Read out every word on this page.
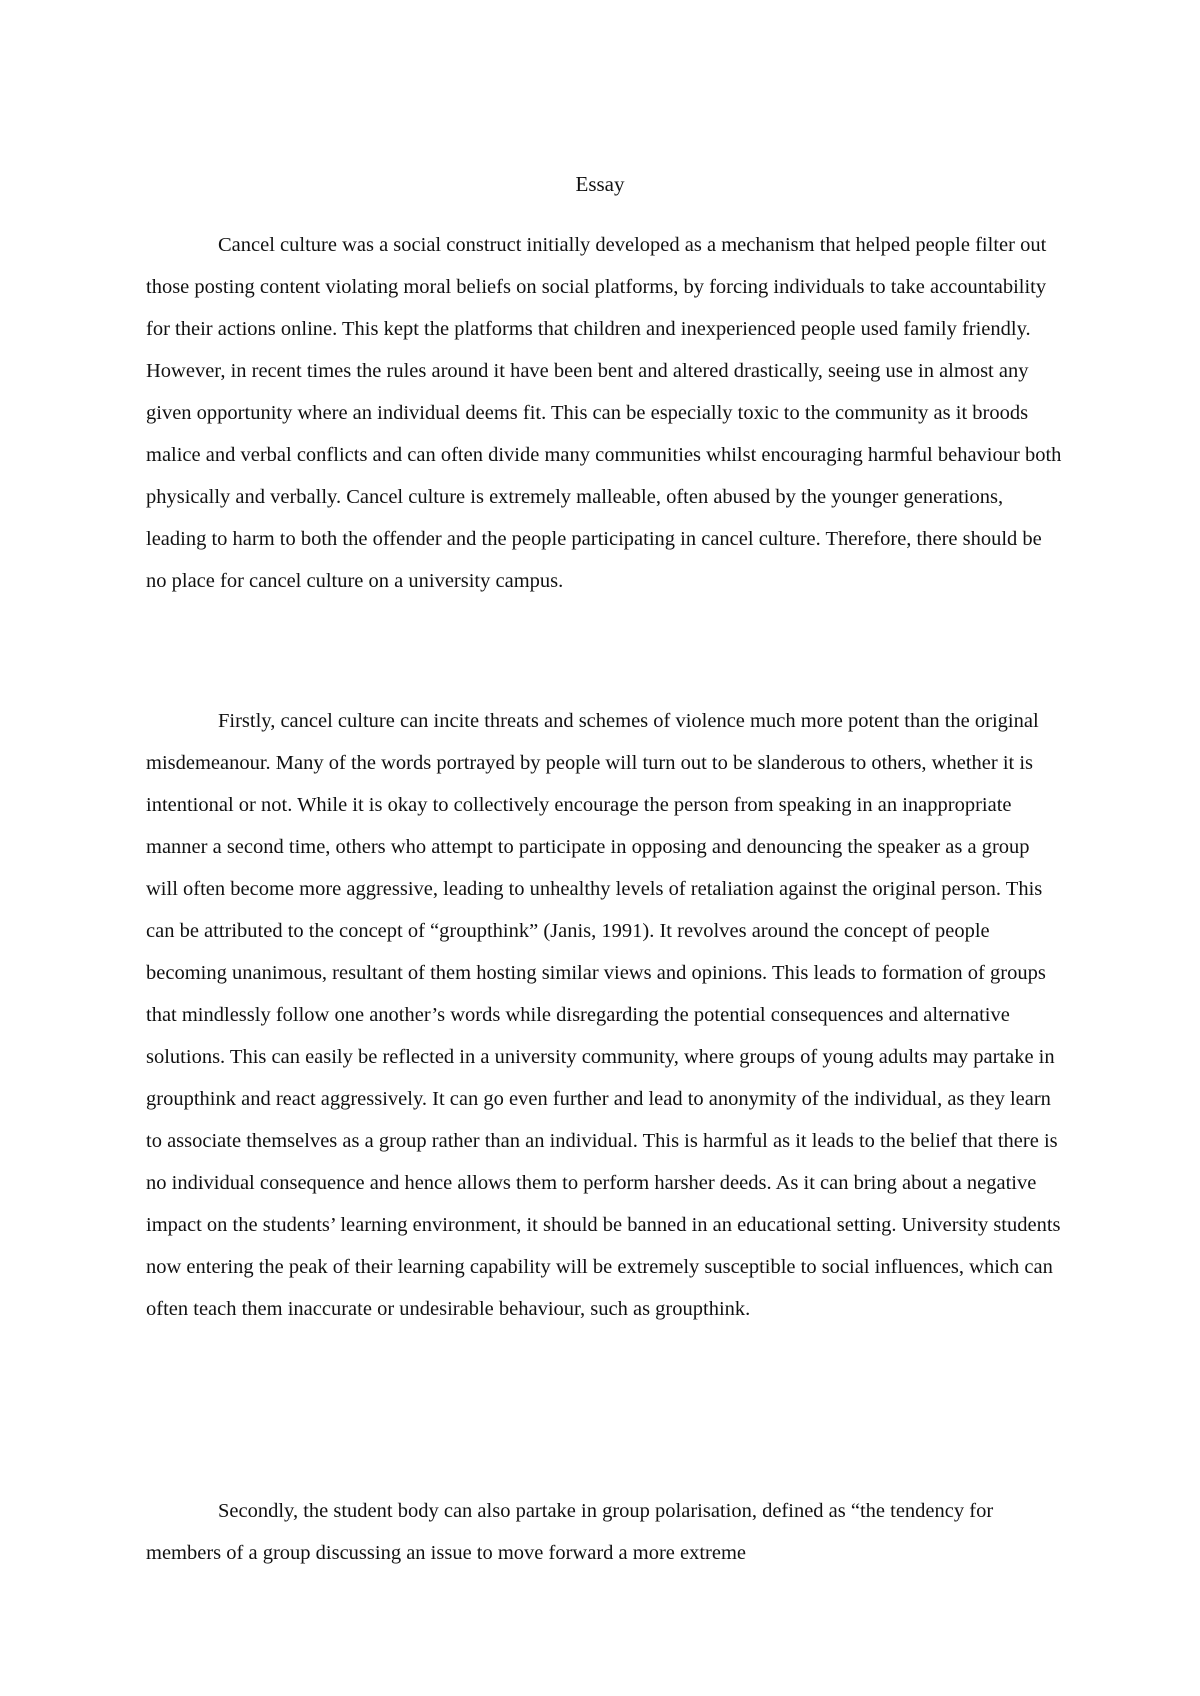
Essay

Cancel culture was a social construct initially developed as a mechanism that helped people filter out those posting content violating moral beliefs on social platforms, by forcing individuals to take accountability for their actions online. This kept the platforms that children and inexperienced people used family friendly. However, in recent times the rules around it have been bent and altered drastically, seeing use in almost any given opportunity where an individual deems fit. This can be especially toxic to the community as it broods malice and verbal conflicts and can often divide many communities whilst encouraging harmful behaviour both physically and verbally. Cancel culture is extremely malleable, often abused by the younger generations, leading to harm to both the offender and the people participating in cancel culture. Therefore, there should be no place for cancel culture on a university campus.

Firstly, cancel culture can incite threats and schemes of violence much more potent than the original misdemeanour. Many of the words portrayed by people will turn out to be slanderous to others, whether it is intentional or not. While it is okay to collectively encourage the person from speaking in an inappropriate manner a second time, others who attempt to participate in opposing and denouncing the speaker as a group will often become more aggressive, leading to unhealthy levels of retaliation against the original person. This can be attributed to the concept of “groupthink” (Janis, 1991). It revolves around the concept of people becoming unanimous, resultant of them hosting similar views and opinions. This leads to formation of groups that mindlessly follow one another’s words while disregarding the potential consequences and alternative solutions. This can easily be reflected in a university community, where groups of young adults may partake in groupthink and react aggressively. It can go even further and lead to anonymity of the individual, as they learn to associate themselves as a group rather than an individual. This is harmful as it leads to the belief that there is no individual consequence and hence allows them to perform harsher deeds. As it can bring about a negative impact on the students’ learning environment, it should be banned in an educational setting. University students now entering the peak of their learning capability will be extremely susceptible to social influences, which can often teach them inaccurate or undesirable behaviour, such as groupthink.

Secondly, the student body can also partake in group polarisation, defined as “the tendency for members of a group discussing an issue to move forward a more extreme
